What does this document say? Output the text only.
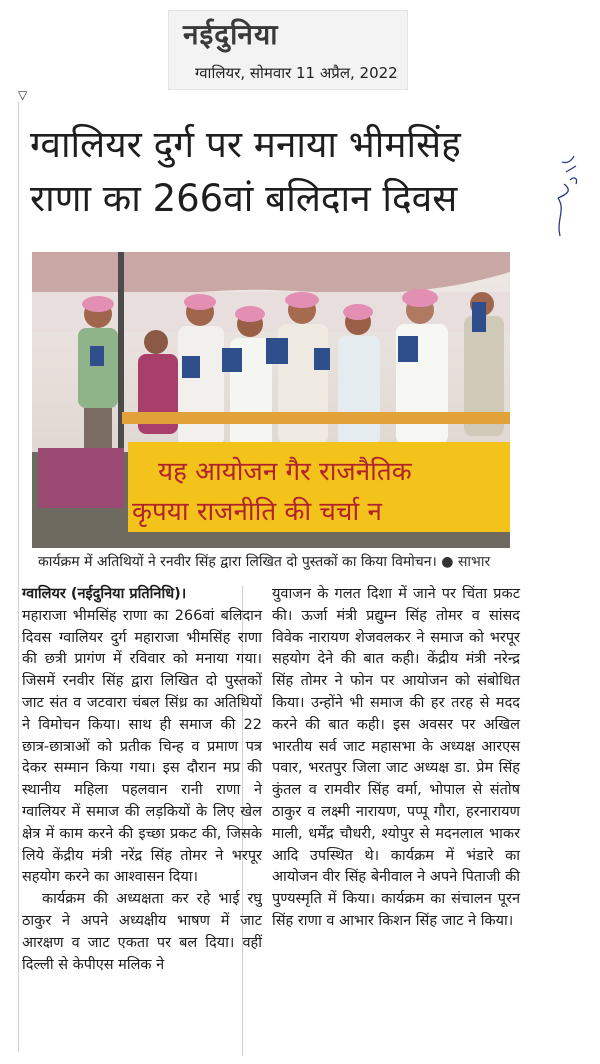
नईदुनिया
ग्वालियर, सोमवार 11 अप्रैल, 2022
▽
ग्वालियर दुर्ग पर मनाया भीमसिंह
राणा का 266वां बलिदान दिवस
यह आयोजन गैर राजनैतिक
कृपया राजनीति की चर्चा न
कार्यक्रम में अतिथियों ने रनवीर सिंह द्वारा लिखित दो पुस्तकों का किया विमोचन। ● साभार

ग्वालियर (नईदुनिया प्रतिनिधि)।

महाराजा भीमसिंह राणा का 266वां बलिदान दिवस ग्वालियर दुर्ग महाराजा भीमसिंह राणा की छत्री प्रागंण में रविवार को मनाया गया। जिसमें रनवीर सिंह द्वारा लिखित दो पुस्तकों जाट संत व जटवारा चंबल सिंध्र का अतिथियों ने विमोचन किया। साथ ही समाज की 22 छात्र-छात्राओं को प्रतीक चिन्ह व प्रमाण पत्र देकर सम्मान किया गया। इस दौरान मप्र की स्थानीय महिला पहलवान रानी राणा ने ग्वालियर में समाज की लड़कियों के लिए खेल क्षेत्र में काम करने की इच्छा प्रकट की, जिसके लिये केंद्रीय मंत्री नरेंद्र सिंह तोमर ने भरपूर सहयोग करने का आश्वासन दिया।

कार्यक्रम की अध्यक्षता कर रहे भाई रघु ठाकुर ने अपने अध्यक्षीय भाषण में जाट आरक्षण व जाट एकता पर बल दिया। वहीं दिल्ली से केपीएस मलिक ने

युवाजन के गलत दिशा में जाने पर चिंता प्रकट की। ऊर्जा मंत्री प्रद्युम्न सिंह तोमर व सांसद विवेक नारायण शेजवलकर ने समाज को भरपूर सहयोग देने की बात कही। केंद्रीय मंत्री नरेन्द्र सिंह तोमर ने फोन पर आयोजन को संबोधित किया। उन्होंने भी समाज की हर तरह से मदद करने की बात कही। इस अवसर पर अखिल भारतीय सर्व जाट महासभा के अध्यक्ष आरएस पवार, भरतपुर जिला जाट अध्यक्ष डा. प्रेम सिंह कुंतल व रामवीर सिंह वर्मा, भोपाल से संतोष ठाकुर व लक्ष्मी नारायण, पप्पू गौरा, हरनारायण माली, धर्मेंद्र चौधरी, श्योपुर से मदनलाल भाकर आदि उपस्थित थे। कार्यक्रम में भंडारे का आयोजन वीर सिंह बेनीवाल ने अपने पिताजी की पुण्यस्मृति में किया। कार्यक्रम का संचालन पूरन सिंह राणा व आभार किशन सिंह जाट ने किया।
